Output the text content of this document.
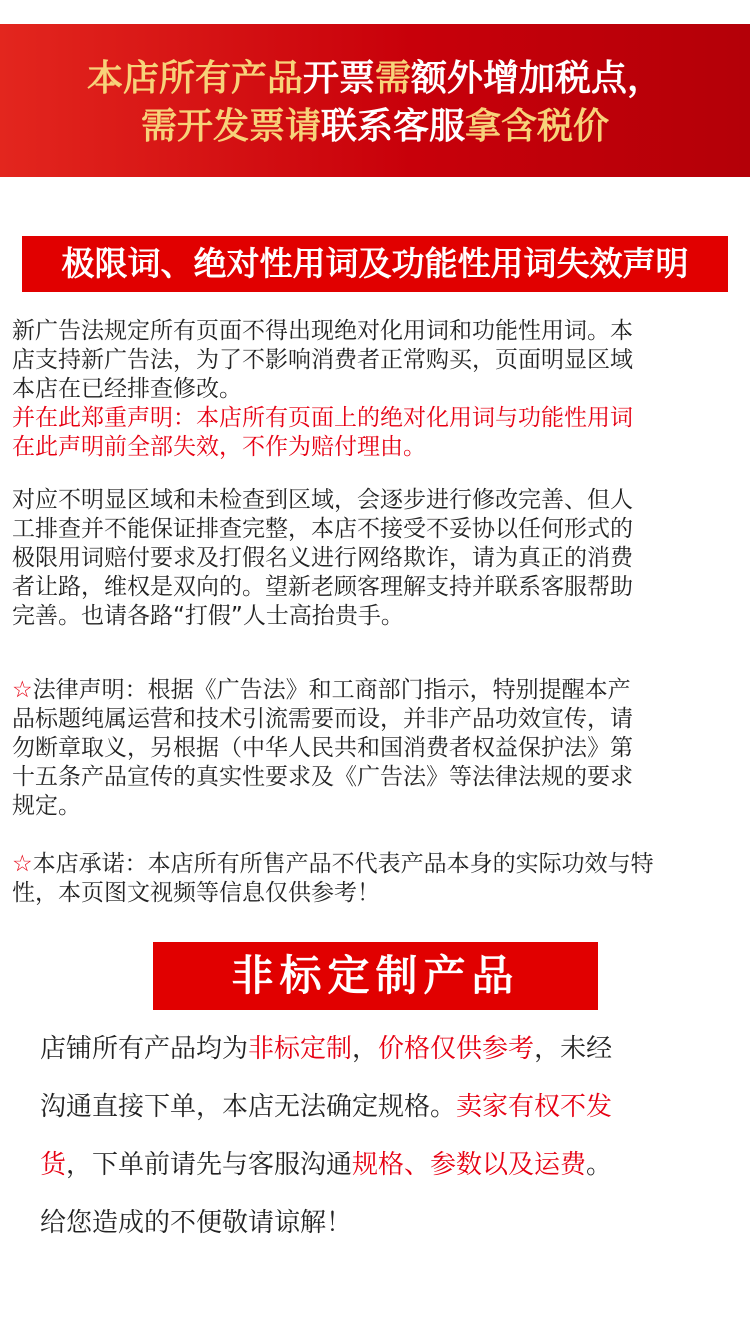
本店所有产品开票需额外增加税点，
需开发票请联系客服拿含税价
极限词、绝对性用词及功能性用词失效声明
新广告法规定所有页面不得出现绝对化用词和功能性用词。本
店支持新广告法，为了不影响消费者正常购买，页面明显区域
本店在已经排查修改。
并在此郑重声明：本店所有页面上的绝对化用词与功能性用词
在此声明前全部失效，不作为赔付理由。
对应不明显区域和未检查到区域，会逐步进行修改完善、但人
工排查并不能保证排查完整，本店不接受不妥协以任何形式的
极限用词赔付要求及打假名义进行网络欺诈，请为真正的消费
者让路，维权是双向的。望新老顾客理解支持并联系客服帮助
完善。也请各路“打假”人士高抬贵手。
☆法律声明：根据《广告法》和工商部门指示，特别提醒本产
品标题纯属运营和技术引流需要而设，并非产品功效宣传，请
勿断章取义，另根据（中华人民共和国消费者权益保护法》第
十五条产品宣传的真实性要求及《广告法》等法律法规的要求
规定。
☆本店承诺：本店所有所售产品不代表产品本身的实际功效与特
性，本页图文视频等信息仅供参考！
非标定制产品
店铺所有产品均为非标定制，价格仅供参考，未经
沟通直接下单，本店无法确定规格。卖家有权不发
货，下单前请先与客服沟通规格、参数以及运费。
给您造成的不便敬请谅解！
